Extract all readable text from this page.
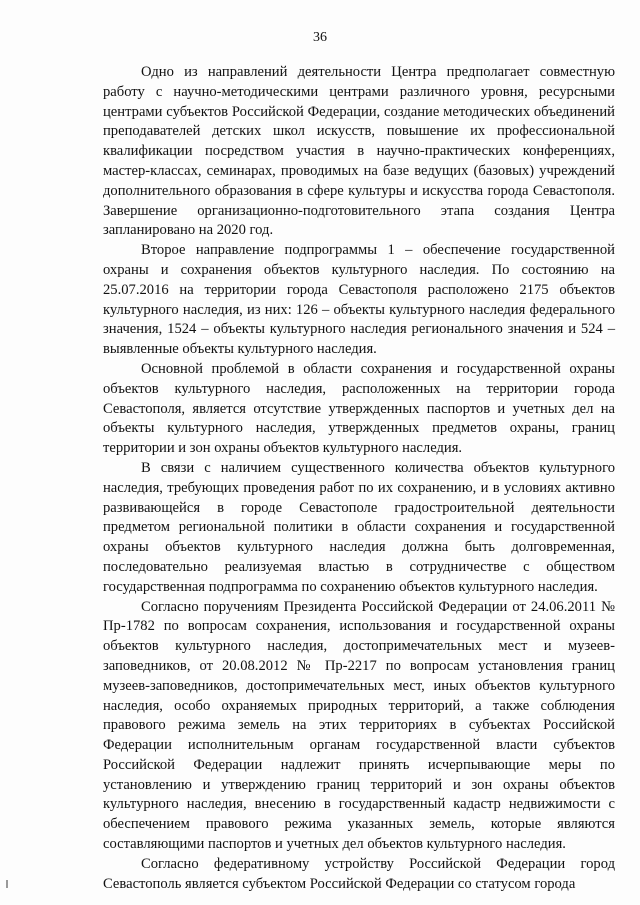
36

Одно из направлений деятельности Центра предполагает совместную работу с научно-методическими центрами различного уровня, ресурсными центрами субъектов Российской Федерации, создание методических объединений преподавателей детских школ искусств, повышение их профессиональной квалификации посредством участия в научно-практических конференциях, мастер-классах, семинарах, проводимых на базе ведущих (базовых) учреждений дополнительного образования в сфере культуры и искусства города Севастополя. Завершение организационно-подготовительного этапа создания Центра запланировано на 2020 год.

Второе направление подпрограммы 1 – обеспечение государственной охраны и сохранения объектов культурного наследия. По состоянию на 25.07.2016 на территории города Севастополя расположено 2175 объектов культурного наследия, из них: 126 – объекты культурного наследия федерального значения, 1524 – объекты культурного наследия регионального значения и 524 – выявленные объекты культурного наследия.

Основной проблемой в области сохранения и государственной охраны объектов культурного наследия, расположенных на территории города Севастополя, является отсутствие утвержденных паспортов и учетных дел на объекты культурного наследия, утвержденных предметов охраны, границ территории и зон охраны объектов культурного наследия.

В связи с наличием существенного количества объектов культурного наследия, требующих проведения работ по их сохранению, и в условиях активно развивающейся в городе Севастополе градостроительной деятельности предметом региональной политики в области сохранения и государственной охраны объектов культурного наследия должна быть долговременная, последовательно реализуемая властью в сотрудничестве с обществом государственная подпрограмма по сохранению объектов культурного наследия.

Согласно поручениям Президента Российской Федерации от 24.06.2011 № Пр-1782 по вопросам сохранения, использования и государственной охраны объектов культурного наследия, достопримечательных мест и музеев-заповедников, от 20.08.2012 № Пр-2217 по вопросам установления границ музеев-заповедников, достопримечательных мест, иных объектов культурного наследия, особо охраняемых природных территорий, а также соблюдения правового режима земель на этих территориях в субъектах Российской Федерации исполнительным органам государственной власти субъектов Российской Федерации надлежит принять исчерпывающие меры по установлению и утверждению границ территорий и зон охраны объектов культурного наследия, внесению в государственный кадастр недвижимости с обеспечением правового режима указанных земель, которые являются составляющими паспортов и учетных дел объектов культурного наследия.

Согласно федеративному устройству Российской Федерации город Севастополь является субъектом Российской Федерации со статусом города
